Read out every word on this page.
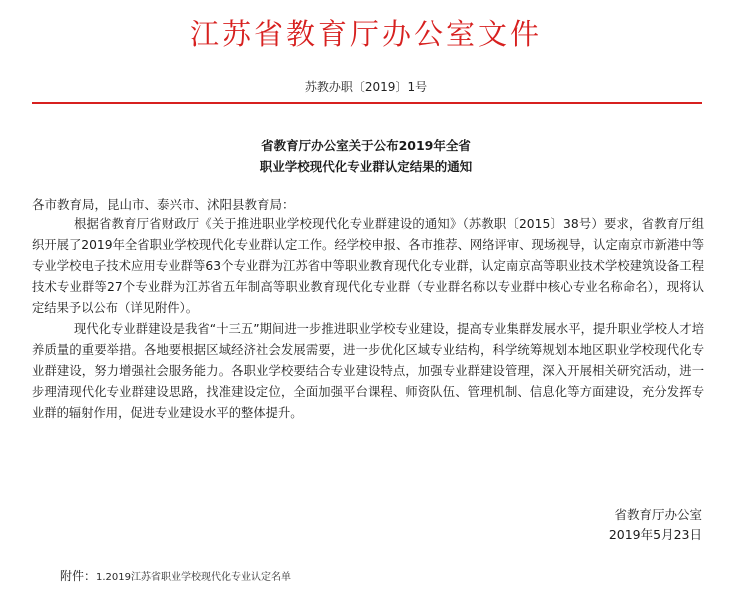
江苏省教育厅办公室文件
苏教办职〔2019〕1号
省教育厅办公室关于公布2019年全省
职业学校现代化专业群认定结果的通知
各市教育局，昆山市、泰兴市、沭阳县教育局：

根据省教育厅省财政厅《关于推进职业学校现代化专业群建设的通知》（苏教职〔2015〕38号）要求，省教育厅组织开展了2019年全省职业学校现代化专业群认定工作。经学校申报、各市推荐、网络评审、现场视导，认定南京市新港中等专业学校电子技术应用专业群等63个专业群为江苏省中等职业教育现代化专业群，认定南京高等职业技术学校建筑设备工程技术专业群等27个专业群为江苏省五年制高等职业教育现代化专业群（专业群名称以专业群中核心专业名称命名），现将认定结果予以公布（详见附件）。

现代化专业群建设是我省“十三五”期间进一步推进职业学校专业建设，提高专业集群发展水平，提升职业学校人才培养质量的重要举措。各地要根据区域经济社会发展需要，进一步优化区域专业结构，科学统筹规划本地区职业学校现代化专业群建设，努力增强社会服务能力。各职业学校要结合专业建设特点，加强专业群建设管理，深入开展相关研究活动，进一步理清现代化专业群建设思路，找准建设定位，全面加强平台课程、师资队伍、管理机制、信息化等方面建设，充分发挥专业群的辐射作用，促进专业建设水平的整体提升。

省教育厅办公室
2019年5月23日
附件：1.2019江苏省职业学校现代化专业认定名单
